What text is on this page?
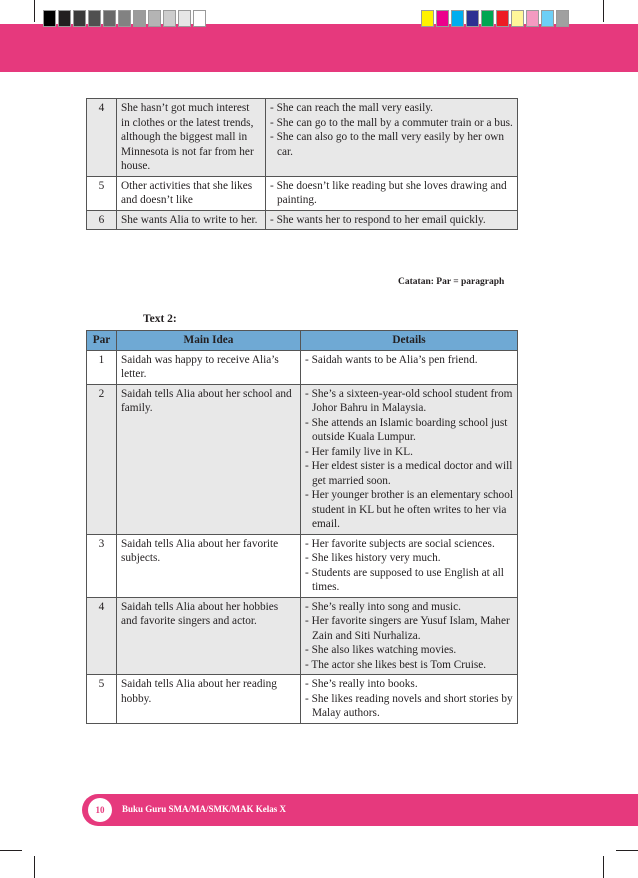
4	She hasn’t got much interest in clothes or the latest trends, although the biggest mall in Minnesota is not far from her house.	- She can reach the mall very easily.
- She can go to the mall by a commuter train or a bus.
- She can also go to the mall very easily by her own car.

5	Other activities that she likes and doesn’t like	- She doesn’t like reading but she loves drawing and painting.

6	She wants Alia to write to her.	- She wants her to respond to her email quickly.
Catatan: Par = paragraph
Text 2:
Par	Main Idea	Details
1	Saidah was happy to receive Alia’s letter.	- Saidah wants to be Alia’s pen friend.

2	Saidah tells Alia about her school and family.	- She’s a sixteen-year-old school student from Johor Bahru in Malaysia.
- She attends an Islamic boarding school just outside Kuala Lumpur.
- Her family live in KL.
- Her eldest sister is a medical doctor and will get married soon.
- Her younger brother is an elementary school student in KL but he often writes to her via email.

3	Saidah tells Alia about her favorite subjects.	- Her favorite subjects are social sciences.
- She likes history very much.
- Students are supposed to use English at all times.

4	Saidah tells Alia about her hobbies and favorite singers and actor.	- She’s really into song and music.
- Her favorite singers are Yusuf Islam, Maher Zain and Siti Nurhaliza.
- She also likes watching movies.
- The actor she likes best is Tom Cruise.

5	Saidah tells Alia about her reading hobby.	- She’s really into books.
- She likes reading novels and short stories by Malay authors.
10	Buku Guru SMA/MA/SMK/MAK Kelas X
